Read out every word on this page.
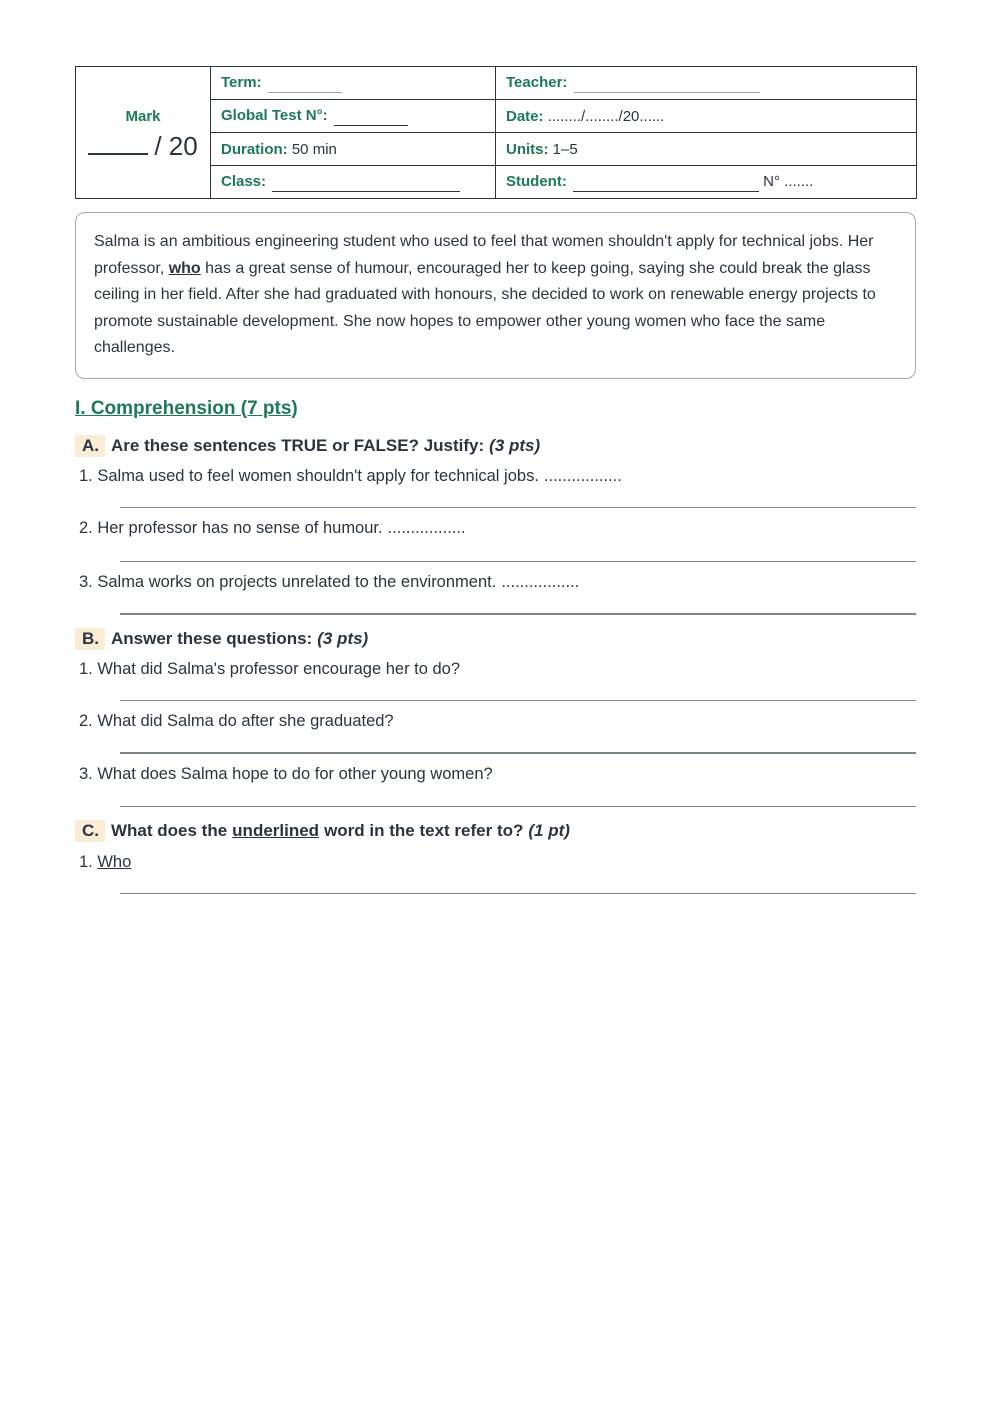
Mark
/ 20	Term:	Teacher:
	Global Test N°:	Date: ......../......../20......
	Duration: 50 min	Units: 1–5
	Class:	Student: N° .......
Salma is an ambitious engineering student who used to feel that women shouldn't apply for technical jobs. Her professor, who has a great sense of humour, encouraged her to keep going, saying she could break the glass ceiling in her field. After she had graduated with honours, she decided to work on renewable energy projects to promote sustainable development. She now hopes to empower other young women who face the same challenges.
I. Comprehension (7 pts)
A. Are these sentences TRUE or FALSE? Justify: (3 pts)
1. Salma used to feel women shouldn't apply for technical jobs. .................
2. Her professor has no sense of humour. .................
3. Salma works on projects unrelated to the environment. .................
B. Answer these questions: (3 pts)
1. What did Salma's professor encourage her to do?
2. What did Salma do after she graduated?
3. What does Salma hope to do for other young women?
C. What does the underlined word in the text refer to? (1 pt)
1. Who
